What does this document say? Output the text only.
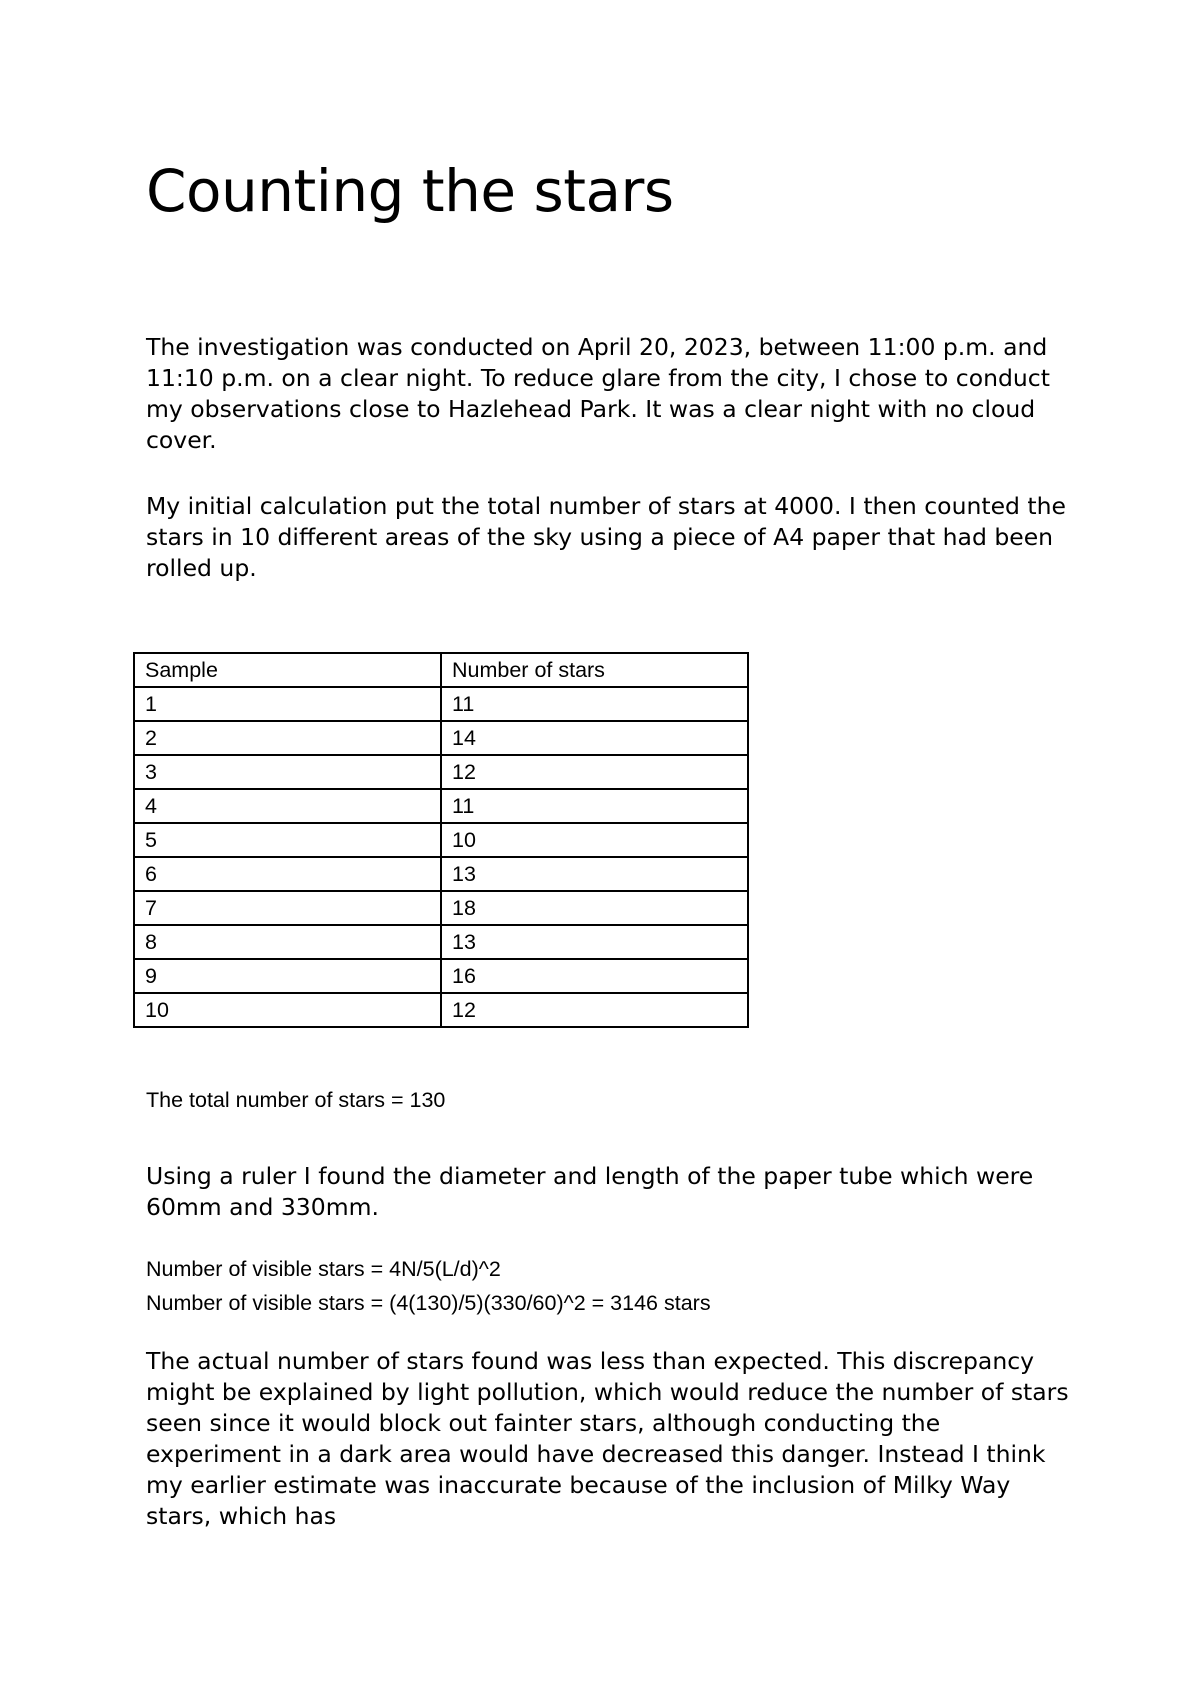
Counting the stars

The investigation was conducted on April 20, 2023, between 11:00 p.m. and 11:10 p.m. on a clear night. To reduce glare from the city, I chose to conduct my observations close to Hazlehead Park. It was a clear night with no cloud cover.

My initial calculation put the total number of stars at 4000. I then counted the stars in 10 different areas of the sky using a piece of A4 paper that had been rolled up.

Sample	Number of stars
1	11
2	14
3	12
4	11
5	10
6	13
7	18
8	13
9	16
10	12

The total number of stars = 130

Using a ruler I found the diameter and length of the paper tube which were 60mm and 330mm.

Number of visible stars = 4N/5(L/d)^2

Number of visible stars = (4(130)/5)(330/60)^2 = 3146 stars

The actual number of stars found was less than expected. This discrepancy might be explained by light pollution, which would reduce the number of stars seen since it would block out fainter stars, although conducting the experiment in a dark area would have decreased this danger. Instead I think my earlier estimate was inaccurate because of the inclusion of Milky Way stars, which has
